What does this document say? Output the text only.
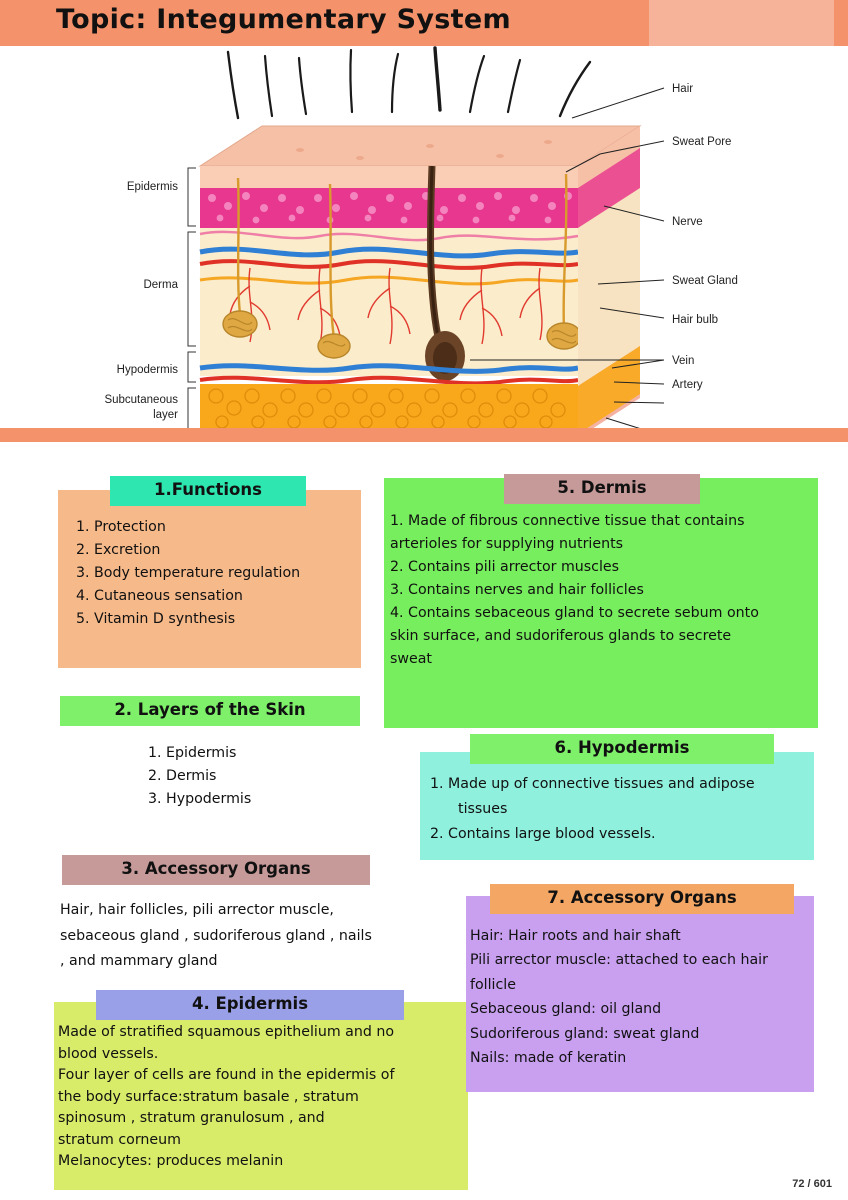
Topic: Integumentary System
Epidermis
Derma
Hypodermis
Subcutaneous
layer
Hair
Sweat Pore
Nerve
Sweat Gland
Hair bulb
Vein
Artery
1.Functions
1. Protection
2. Excretion
3. Body temperature regulation
4. Cutaneous sensation
5. Vitamin D synthesis
2. Layers of the Skin
1. Epidermis
2. Dermis
3. Hypodermis
3. Accessory Organs
Hair, hair follicles, pili arrector muscle,
sebaceous gland , sudoriferous gland , nails
, and mammary gland
4. Epidermis
Made of stratified squamous epithelium and no
blood vessels.
Four layer of cells are found in the epidermis of
the body surface:stratum basale , stratum
spinosum , stratum granulosum , and
stratum corneum
Melanocytes: produces melanin
5. Dermis
1. Made of fibrous connective tissue that contains
arterioles for supplying nutrients
2. Contains pili arrector muscles
3. Contains nerves and hair follicles
4. Contains sebaceous gland to secrete sebum onto
skin surface, and sudoriferous glands to secrete
sweat
6. Hypodermis
1. Made up of connective tissues and adipose
tissues
2. Contains large blood vessels.
7. Accessory Organs
Hair: Hair roots and hair shaft
Pili arrector muscle: attached to each hair
follicle
Sebaceous gland: oil gland
Sudoriferous gland: sweat gland
Nails: made of keratin
72 / 601
